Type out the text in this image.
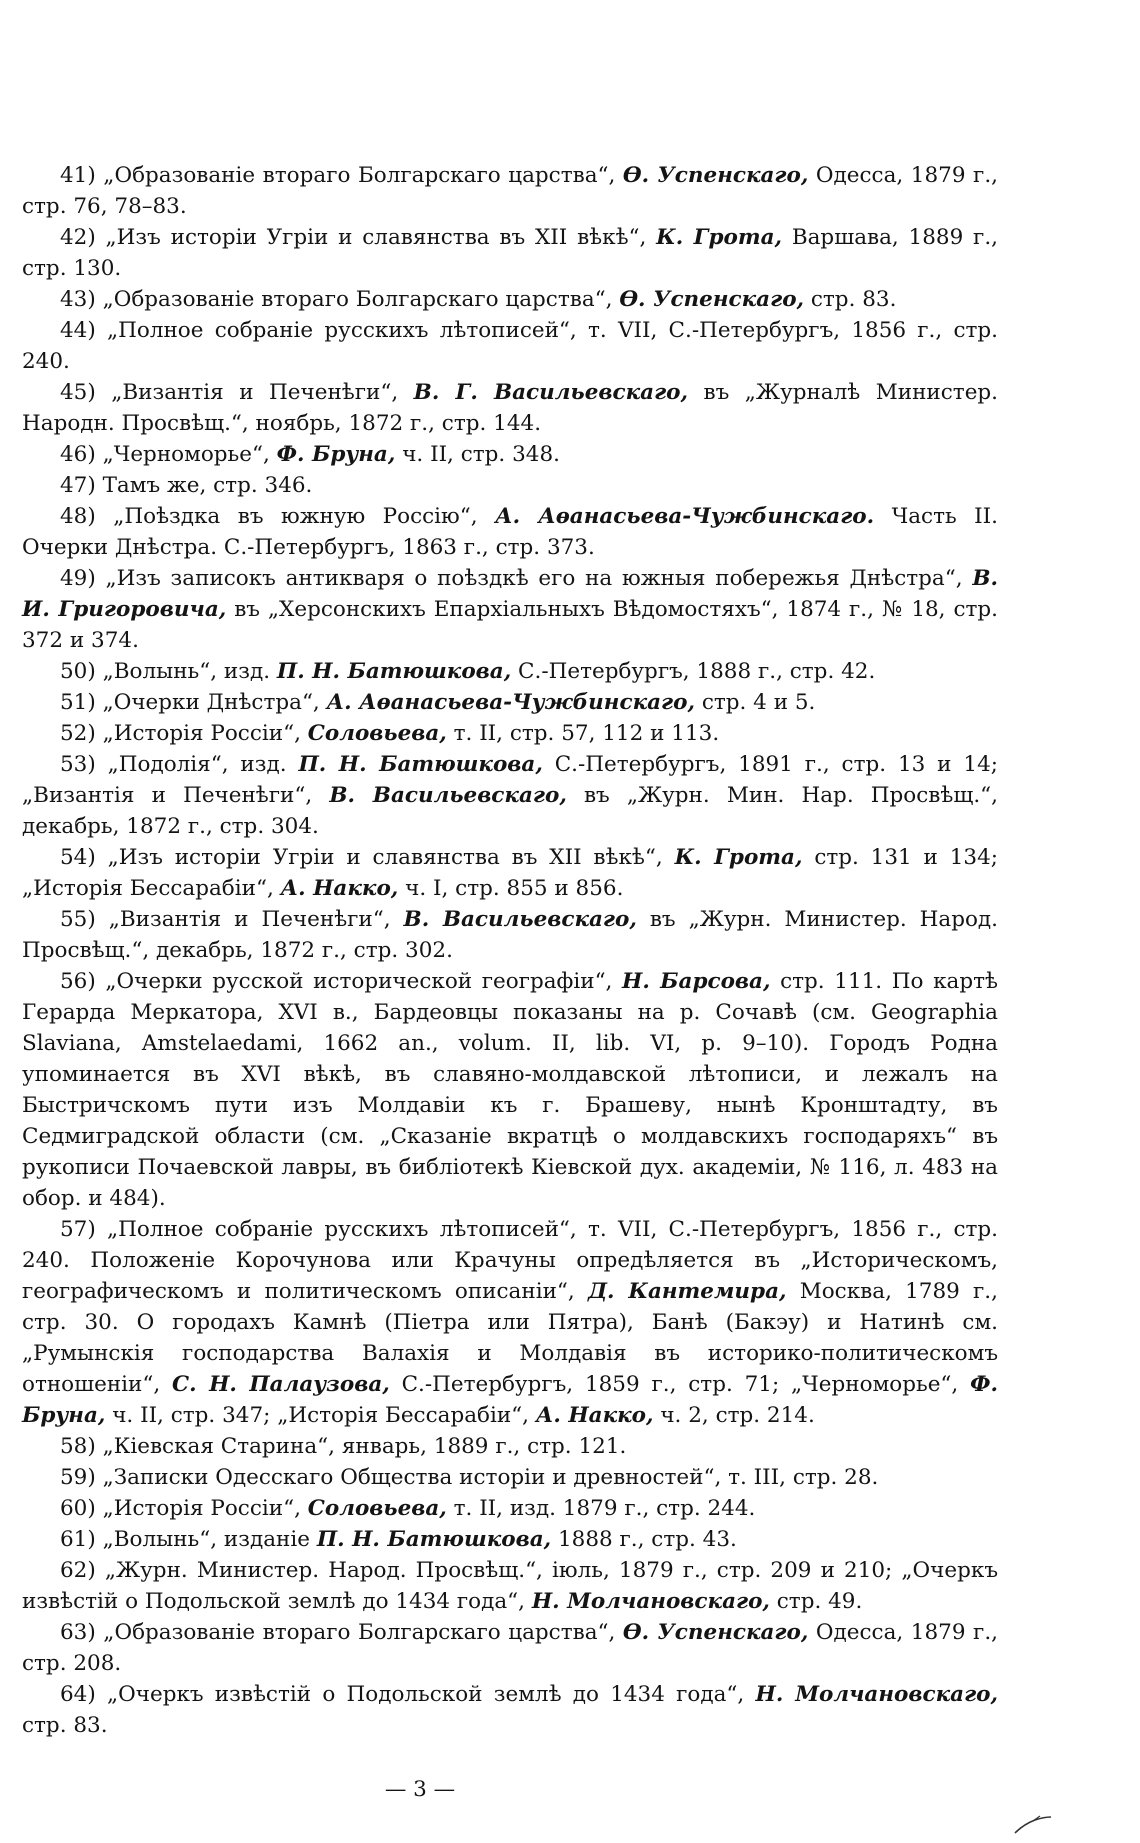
41) „Образованіе втораго Болгарскаго царства“, Ѳ. Успенскаго, Одесса, 1879 г., стр. 76, 78–83.

42) „Изъ исторіи Угріи и славянства въ XII вѣкѣ“, К. Грота, Варшава, 1889 г., стр. 130.

43) „Образованіе втораго Болгарскаго царства“, Ѳ. Успенскаго, стр. 83.

44) „Полное собраніе русскихъ лѣтописей“, т. VII, С.-Петербургъ, 1856 г., стр. 240.

45) „Византія и Печенѣги“, В. Г. Васильевскаго, въ „Журналѣ Министер. Народн. Просвѣщ.“, ноябрь, 1872 г., стр. 144.

46) „Черноморье“, Ф. Бруна, ч. II, стр. 348.

47) Тамъ же, стр. 346.

48) „Поѣздка въ южную Россію“, А. Аѳанасьева-Чужбинскаго. Часть II. Очерки Днѣстра. С.-Петербургъ, 1863 г., стр. 373.

49) „Изъ записокъ антикваря о поѣздкѣ его на южныя побережья Днѣстра“, В. И. Григоровича, въ „Херсонскихъ Епархіальныхъ Вѣдомостяхъ“, 1874 г., № 18, стр. 372 и 374.

50) „Волынь“, изд. П. Н. Батюшкова, С.-Петербургъ, 1888 г., стр. 42.

51) „Очерки Днѣстра“, А. Аѳанасьева-Чужбинскаго, стр. 4 и 5.

52) „Исторія Россіи“, Соловьева, т. II, стр. 57, 112 и 113.

53) „Подолія“, изд. П. Н. Батюшкова, С.-Петербургъ, 1891 г., стр. 13 и 14; „Византія и Печенѣги“, В. Васильевскаго, въ „Журн. Мин. Нар. Просвѣщ.“, декабрь, 1872 г., стр. 304.

54) „Изъ исторіи Угріи и славянства въ XII вѣкѣ“, К. Грота, стр. 131 и 134; „Исторія Бессарабіи“, А. Накко, ч. I, стр. 855 и 856.

55) „Византія и Печенѣги“, В. Васильевскаго, въ „Журн. Министер. Народ. Просвѣщ.“, декабрь, 1872 г., стр. 302.

56) „Очерки русской исторической географіи“, Н. Барсова, стр. 111. По картѣ Герарда Меркатора, XVI в., Бардеовцы показаны на р. Сочавѣ (см. Geographia Slaviana, Amstelaedami, 1662 an., volum. II, lib. VI, p. 9–10). Городъ Родна упоминается въ XVI вѣкѣ, въ славяно-молдавской лѣтописи, и лежалъ на Быстричскомъ пути изъ Молдавіи къ г. Брашеву, нынѣ Кронштадту, въ Седмиградской области (см. „Сказаніе вкратцѣ о молдавскихъ господаряхъ“ въ рукописи Почаевской лавры, въ библіотекѣ Кіевской дух. академіи, № 116, л. 483 на обор. и 484).

57) „Полное собраніе русскихъ лѣтописей“, т. VII, С.-Петербургъ, 1856 г., стр. 240. Положеніе Корочунова или Крачуны опредѣляется въ „Историческомъ, географическомъ и политическомъ описаніи“, Д. Кантемира, Москва, 1789 г., стр. 30. О городахъ Камнѣ (Піетра или Пятра), Банѣ (Бакэу) и Натинѣ см. „Румынскія господарства Валахія и Молдавія въ историко-политическомъ отношеніи“, С. Н. Палаузова, С.-Петербургъ, 1859 г., стр. 71; „Черноморье“, Ф. Бруна, ч. II, стр. 347; „Исторія Бессарабіи“, А. Накко, ч. 2, стр. 214.

58) „Кіевская Старина“, январь, 1889 г., стр. 121.

59) „Записки Одесскаго Общества исторіи и древностей“, т. III, стр. 28.

60) „Исторія Россіи“, Соловьева, т. II, изд. 1879 г., стр. 244.

61) „Волынь“, изданіе П. Н. Батюшкова, 1888 г., стр. 43.

62) „Журн. Министер. Народ. Просвѣщ.“, іюль, 1879 г., стр. 209 и 210; „Очеркъ извѣстій о Подольской землѣ до 1434 года“, Н. Молчановскаго, стр. 49.

63) „Образованіе втораго Болгарскаго царства“, Ѳ. Успенскаго, Одесса, 1879 г., стр. 208.

64) „Очеркъ извѣстій о Подольской землѣ до 1434 года“, Н. Молчановскаго, стр. 83.

— 3 —
